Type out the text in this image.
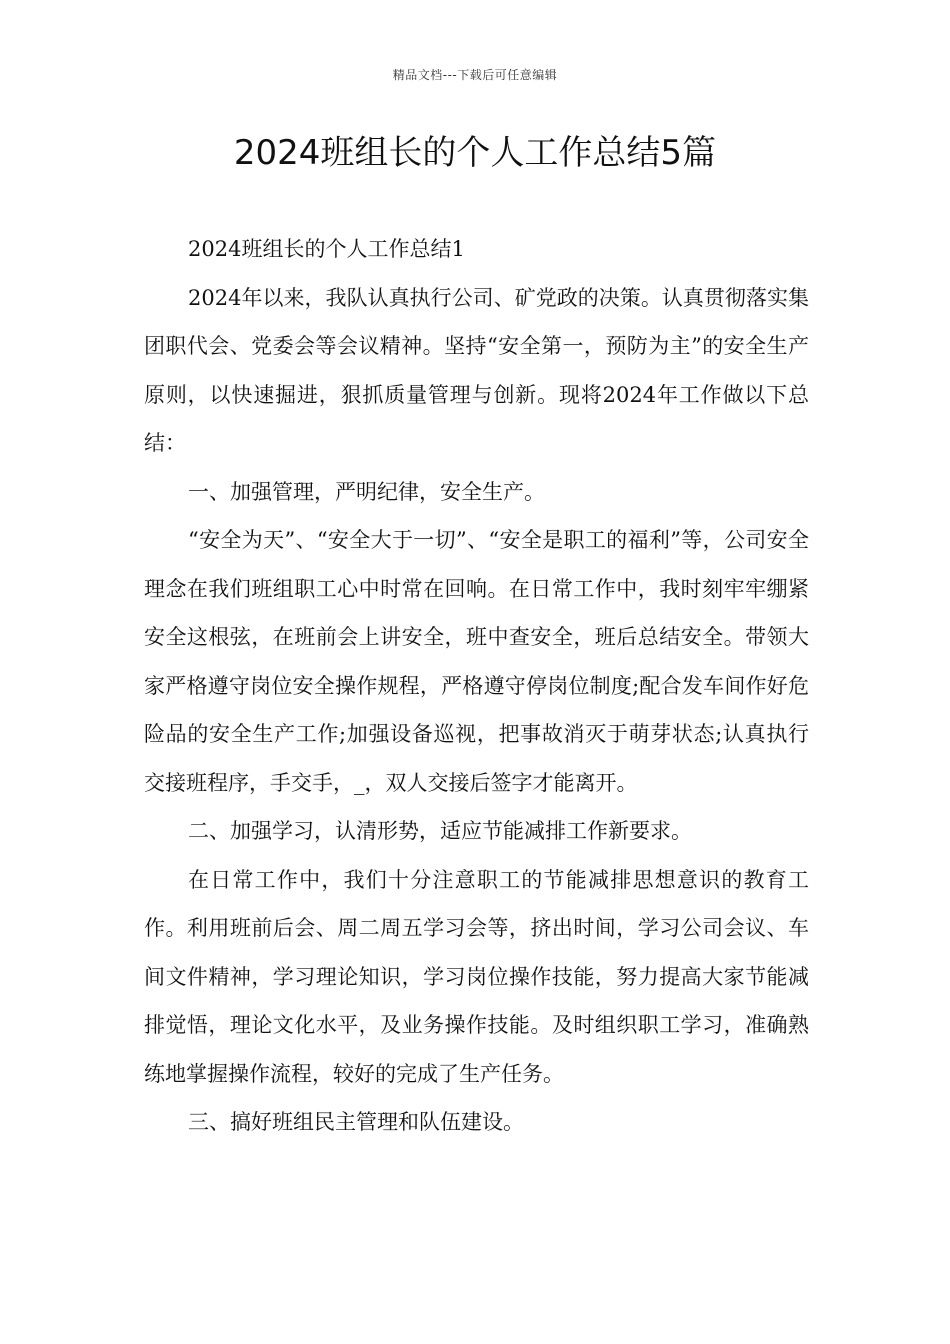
精品文档---下载后可任意编辑
2024班组长的个人工作总结5篇

2024班组长的个人工作总结1

2024年以来，我队认真执行公司、矿党政的决策。认真贯彻落实集团职代会、党委会等会议精神。坚持“安全第一，预防为主”的安全生产原则，以快速掘进，狠抓质量管理与创新。现将2024年工作做以下总结：

一、加强管理，严明纪律，安全生产。

“安全为天”、“安全大于一切”、“安全是职工的福利”等，公司安全理念在我们班组职工心中时常在回响。在日常工作中，我时刻牢牢绷紧安全这根弦，在班前会上讲安全，班中查安全，班后总结安全。带领大家严格遵守岗位安全操作规程，严格遵守停岗位制度;配合发车间作好危险品的安全生产工作;加强设备巡视，把事故消灭于萌芽状态;认真执行交接班程序，手交手，_，双人交接后签字才能离开。

二、加强学习，认清形势，适应节能减排工作新要求。

在日常工作中，我们十分注意职工的节能减排思想意识的教育工作。利用班前后会、周二周五学习会等，挤出时间，学习公司会议、车间文件精神，学习理论知识，学习岗位操作技能，努力提高大家节能减排觉悟，理论文化水平，及业务操作技能。及时组织职工学习，准确熟练地掌握操作流程，较好的完成了生产任务。

三、搞好班组民主管理和队伍建设。
